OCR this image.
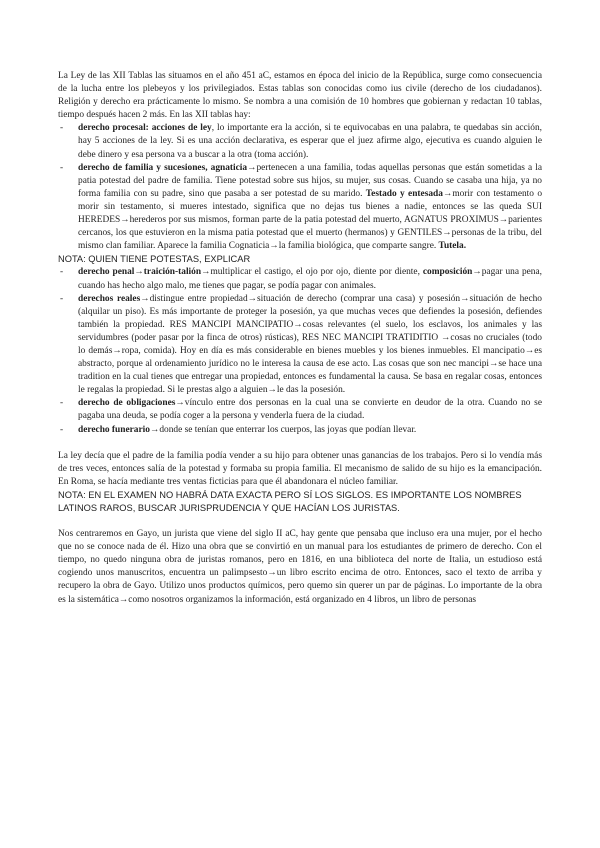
La Ley de las XII Tablas las situamos en el año 451 aC, estamos en época del inicio de la República, surge como consecuencia de la lucha entre los plebeyos y los privilegiados. Estas tablas son conocidas como ius civile (derecho de los ciudadanos). Religión y derecho era prácticamente lo mismo. Se nombra a una comisión de 10 hombres que gobiernan y redactan 10 tablas, tiempo después hacen 2 más. En las XII tablas hay:

- derecho procesal: acciones de ley, lo importante era la acción, si te equivocabas en una palabra, te quedabas sin acción, hay 5 acciones de la ley. Si es una acción declarativa, es esperar que el juez afirme algo, ejecutiva es cuando alguien le debe dinero y esa persona va a buscar a la otra (toma acción).
- derecho de familia y sucesiones, agnaticia→pertenecen a una familia, todas aquellas personas que están sometidas a la patia potestad del padre de familia. Tiene potestad sobre sus hijos, su mujer, sus cosas. Cuando se casaba una hija, ya no forma familia con su padre, sino que pasaba a ser potestad de su marido. Testado y entesada→morir con testamento o morir sin testamento, si mueres intestado, significa que no dejas tus bienes a nadie, entonces se las queda SUI HEREDES→herederos por sus mismos, forman parte de la patia potestad del muerto, AGNATUS PROXIMUS→parientes cercanos, los que estuvieron en la misma patia potestad que el muerto (hermanos) y GENTILES→personas de la tribu, del mismo clan familiar. Aparece la familia Cognaticia→la familia biológica, que comparte sangre. Tutela.

NOTA: QUIEN TIENE POTESTAS, EXPLICAR

- derecho penal→traición-talión→multiplicar el castigo, el ojo por ojo, diente por diente, composición→pagar una pena, cuando has hecho algo malo, me tienes que pagar, se podía pagar con animales.
- derechos reales→distingue entre propiedad→situación de derecho (comprar una casa) y posesión→situación de hecho (alquilar un piso). Es más importante de proteger la posesión, ya que muchas veces que defiendes la posesión, defiendes también la propiedad. RES MANCIPI MANCIPATIO→cosas relevantes (el suelo, los esclavos, los animales y las servidumbres (poder pasar por la finca de otros) rústicas), RES NEC MANCIPI TRATIDITIO →cosas no cruciales (todo lo demás→ropa, comida). Hoy en día es más considerable en bienes muebles y los bienes inmuebles. El mancipatio→es abstracto, porque al ordenamiento jurídico no le interesa la causa de ese acto. Las cosas que son nec mancipi→se hace una tradition en la cual tienes que entregar una propiedad, entonces es fundamental la causa. Se basa en regalar cosas, entonces le regalas la propiedad. Si le prestas algo a alguien→le das la posesión.
- derecho de obligaciones→vínculo entre dos personas en la cual una se convierte en deudor de la otra. Cuando no se pagaba una deuda, se podía coger a la persona y venderla fuera de la ciudad.
- derecho funerario→donde se tenían que enterrar los cuerpos, las joyas que podían llevar.

La ley decía que el padre de la familia podía vender a su hijo para obtener unas ganancias de los trabajos. Pero si lo vendía más de tres veces, entonces salía de la potestad y formaba su propia familia. El mecanismo de salido de su hijo es la emancipación. En Roma, se hacía mediante tres ventas ficticias para que él abandonara el núcleo familiar.

NOTA: EN EL EXAMEN NO HABRÁ DATA EXACTA PERO SÍ LOS SIGLOS. ES IMPORTANTE LOS NOMBRES LATINOS RAROS, BUSCAR JURISPRUDENCIA Y QUE HACÍAN LOS JURISTAS.

Nos centraremos en Gayo, un jurista que viene del siglo II aC, hay gente que pensaba que incluso era una mujer, por el hecho que no se conoce nada de él. Hizo una obra que se convirtió en un manual para los estudiantes de primero de derecho. Con el tiempo, no quedo ninguna obra de juristas romanos, pero en 1816, en una biblioteca del norte de Italia, un estudioso está cogiendo unos manuscritos, encuentra un palimpsesto→un libro escrito encima de otro. Entonces, saco el texto de arriba y recupero la obra de Gayo. Utilizo unos productos químicos, pero quemo sin querer un par de páginas. Lo importante de la obra es la sistemática→como nosotros organizamos la información, está organizado en 4 libros, un libro de personas
